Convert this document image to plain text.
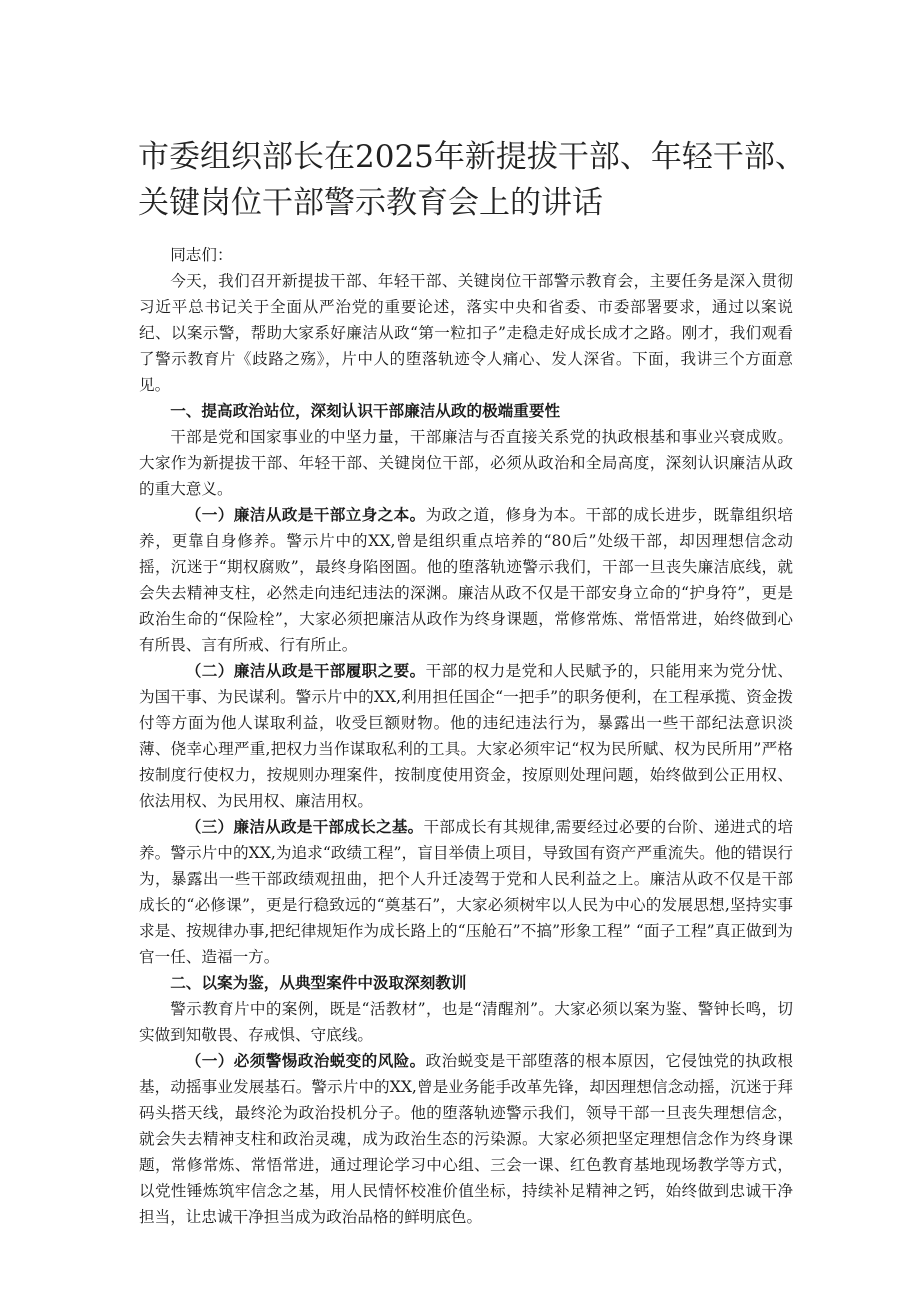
市委组织部长在2025年新提拔干部、年轻干部、关键岗位干部警示教育会上的讲话

同志们：

今天，我们召开新提拔干部、年轻干部、关键岗位干部警示教育会，主要任务是深入贯彻习近平总书记关于全面从严治党的重要论述，落实中央和省委、市委部署要求，通过以案说纪、以案示警，帮助大家系好廉洁从政“第一粒扣子”走稳走好成长成才之路。刚才，我们观看了警示教育片《歧路之殇》，片中人的堕落轨迹令人痛心、发人深省。下面，我讲三个方面意见。

一、提高政治站位，深刻认识干部廉洁从政的极端重要性

干部是党和国家事业的中坚力量，干部廉洁与否直接关系党的执政根基和事业兴衰成败。大家作为新提拔干部、年轻干部、关键岗位干部，必须从政治和全局高度，深刻认识廉洁从政的重大意义。

（一）廉洁从政是干部立身之本。为政之道，修身为本。干部的成长进步，既靠组织培养，更靠自身修养。警示片中的XX,曾是组织重点培养的“80后”处级干部，却因理想信念动摇，沉迷于“期权腐败”，最终身陷囹圄。他的堕落轨迹警示我们，干部一旦丧失廉洁底线，就会失去精神支柱，必然走向违纪违法的深渊。廉洁从政不仅是干部安身立命的“护身符”，更是政治生命的“保险栓”，大家必须把廉洁从政作为终身课题，常修常炼、常悟常进，始终做到心有所畏、言有所戒、行有所止。

（二）廉洁从政是干部履职之要。干部的权力是党和人民赋予的，只能用来为党分忧、为国干事、为民谋利。警示片中的XX,利用担任国企“一把手”的职务便利，在工程承揽、资金拨付等方面为他人谋取利益，收受巨额财物。他的违纪违法行为，暴露出一些干部纪法意识淡薄、侥幸心理严重,把权力当作谋取私利的工具。大家必须牢记“权为民所赋、权为民所用”严格按制度行使权力，按规则办理案件，按制度使用资金，按原则处理问题，始终做到公正用权、依法用权、为民用权、廉洁用权。

（三）廉洁从政是干部成长之基。干部成长有其规律,需要经过必要的台阶、递进式的培养。警示片中的XX,为追求“政绩工程”，盲目举债上项目，导致国有资产严重流失。他的错误行为，暴露出一些干部政绩观扭曲，把个人升迁凌驾于党和人民利益之上。廉洁从政不仅是干部成长的“必修课”，更是行稳致远的“奠基石”，大家必须树牢以人民为中心的发展思想,坚持实事求是、按规律办事,把纪律规矩作为成长路上的“压舱石”不搞”形象工程” “面子工程”真正做到为官一任、造福一方。

二、以案为鉴，从典型案件中汲取深刻教训

警示教育片中的案例，既是“活教材”，也是“清醒剂”。大家必须以案为鉴、警钟长鸣，切实做到知敬畏、存戒惧、守底线。

（一）必须警惕政治蜕变的风险。政治蜕变是干部堕落的根本原因，它侵蚀党的执政根基，动摇事业发展基石。警示片中的XX,曾是业务能手改革先锋，却因理想信念动摇，沉迷于拜码头搭天线，最终沦为政治投机分子。他的堕落轨迹警示我们，领导干部一旦丧失理想信念，就会失去精神支柱和政治灵魂，成为政治生态的污染源。大家必须把坚定理想信念作为终身课题，常修常炼、常悟常进，通过理论学习中心组、三会一课、红色教育基地现场教学等方式，以党性锤炼筑牢信念之基，用人民情怀校准价值坐标，持续补足精神之钙，始终做到忠诚干净担当，让忠诚干净担当成为政治品格的鲜明底色。
